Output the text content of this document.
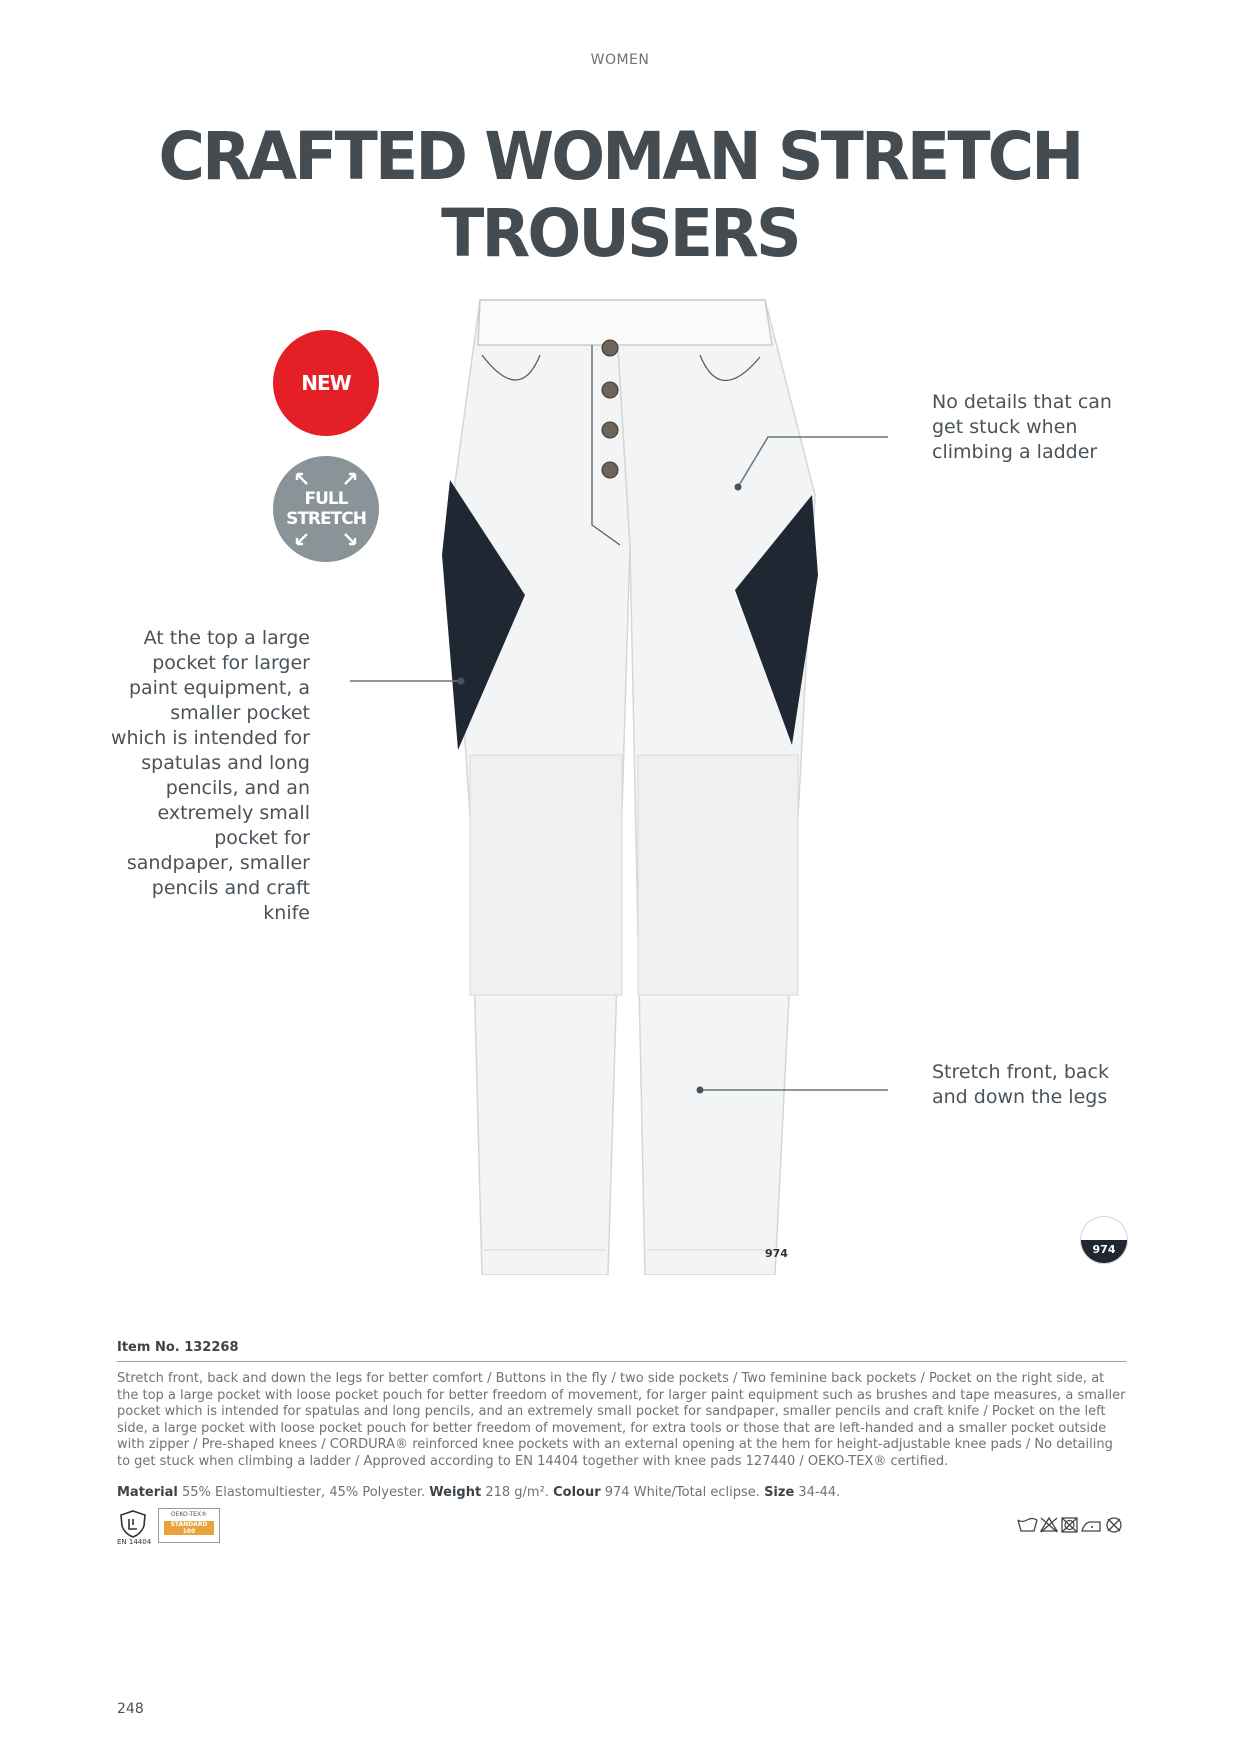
WOMEN
CRAFTED WOMAN STRETCH TROUSERS
NEW
FULL
STRETCH
974
At the top a large pocket for larger paint equipment, a smaller pocket which is intended for spatulas and long pencils, and an extremely small pocket for sandpaper, smaller pencils and craft knife
No details that can get stuck when climbing a ladder
Stretch front, back and down the legs
974
Item No. 132268
Stretch front, back and down the legs for better comfort / Buttons in the fly / two side pockets / Two feminine back pockets / Pocket on the right side, at the top a large pocket with loose pocket pouch for better freedom of movement, for larger paint equipment such as brushes and tape measures, a smaller pocket which is intended for spatulas and long pencils, and an extremely small pocket for sandpaper, smaller pencils and craft knife / Pocket on the left side, a large pocket with loose pocket pouch for better freedom of movement, for extra tools or those that are left-handed and a smaller pocket outside with zipper / Pre-shaped knees / CORDURA® reinforced knee pockets with an external opening at the hem for height-adjustable knee pads / No detailing to get stuck when climbing a ladder / Approved according to EN 14404 together with knee pads 127440 / OEKO-TEX® certified.
Material 55% Elastomultiester, 45% Polyester. Weight 218 g/m². Colour 974 White/Total eclipse. Size 34-44.
EN 14404
OEKO-TEX®
STANDARD 100
248
